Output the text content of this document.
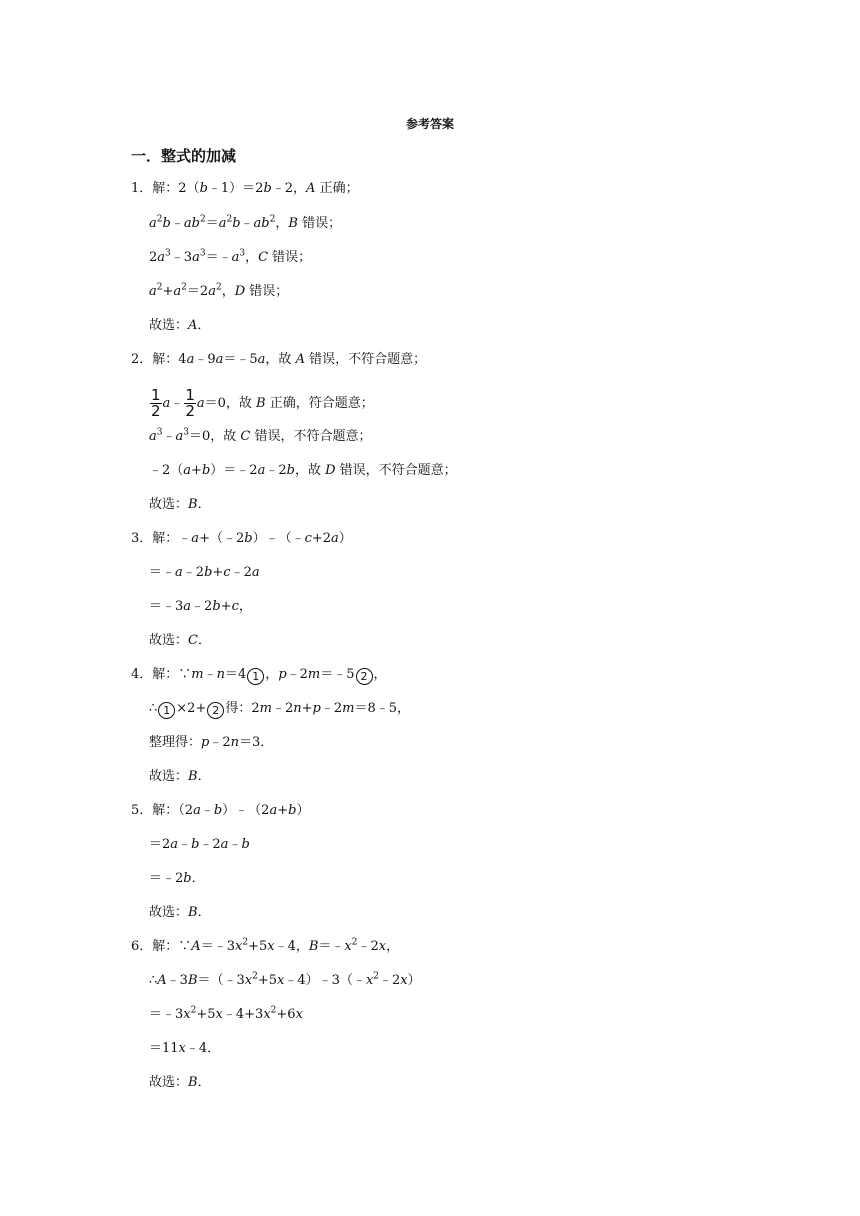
参考答案
一．整式的加减
1．解：2（b﹣1）＝2b﹣2，A 正确；
$a^2b﹣ab^2=a^2b﹣ab^2$，B 错误；
$2a^3﹣3a^3=﹣a^3$，C 错误；
$a^2+a^2=2a^2$，D 错误；
故选：A．
2．解：4a﹣9a＝﹣5a，故 A 错误，不符合题意；
$\frac{1}{2}$ a﹣ $\frac{1}{2} a=0$，故 B 正确，符合题意；
$a^3﹣a^3=0$，故 C 错误，不符合题意；
﹣2（a+b）＝﹣2a﹣2b，故 D 错误，不符合题意；
故选：B．
3．解：﹣a+（﹣2b）﹣（﹣c+2a）
＝﹣a﹣2b+c﹣2a
＝﹣3a﹣2b+c，
故选：C．
4．解：∵m﹣n＝4 1 ，p﹣2m＝﹣5 2 ，
∴ 1 ×2+ 2 得：2m﹣2n+p﹣2m＝8﹣5，
整理得：p﹣2n＝3．
故选：B．
5．解：（2a﹣b）﹣（2a+b）
＝2a﹣b﹣2a﹣b
＝﹣2b．
故选：B．
6．解：$\because A=﹣3x^2+5x﹣4$，$B=﹣x^2﹣2x$，
$\therefore A﹣3B=(﹣3x^2+5x﹣4)﹣3(﹣x^2﹣2x)$
$=﹣3x^2+5x﹣4+3x^2+6x$
＝11x﹣4．
故选：B．
